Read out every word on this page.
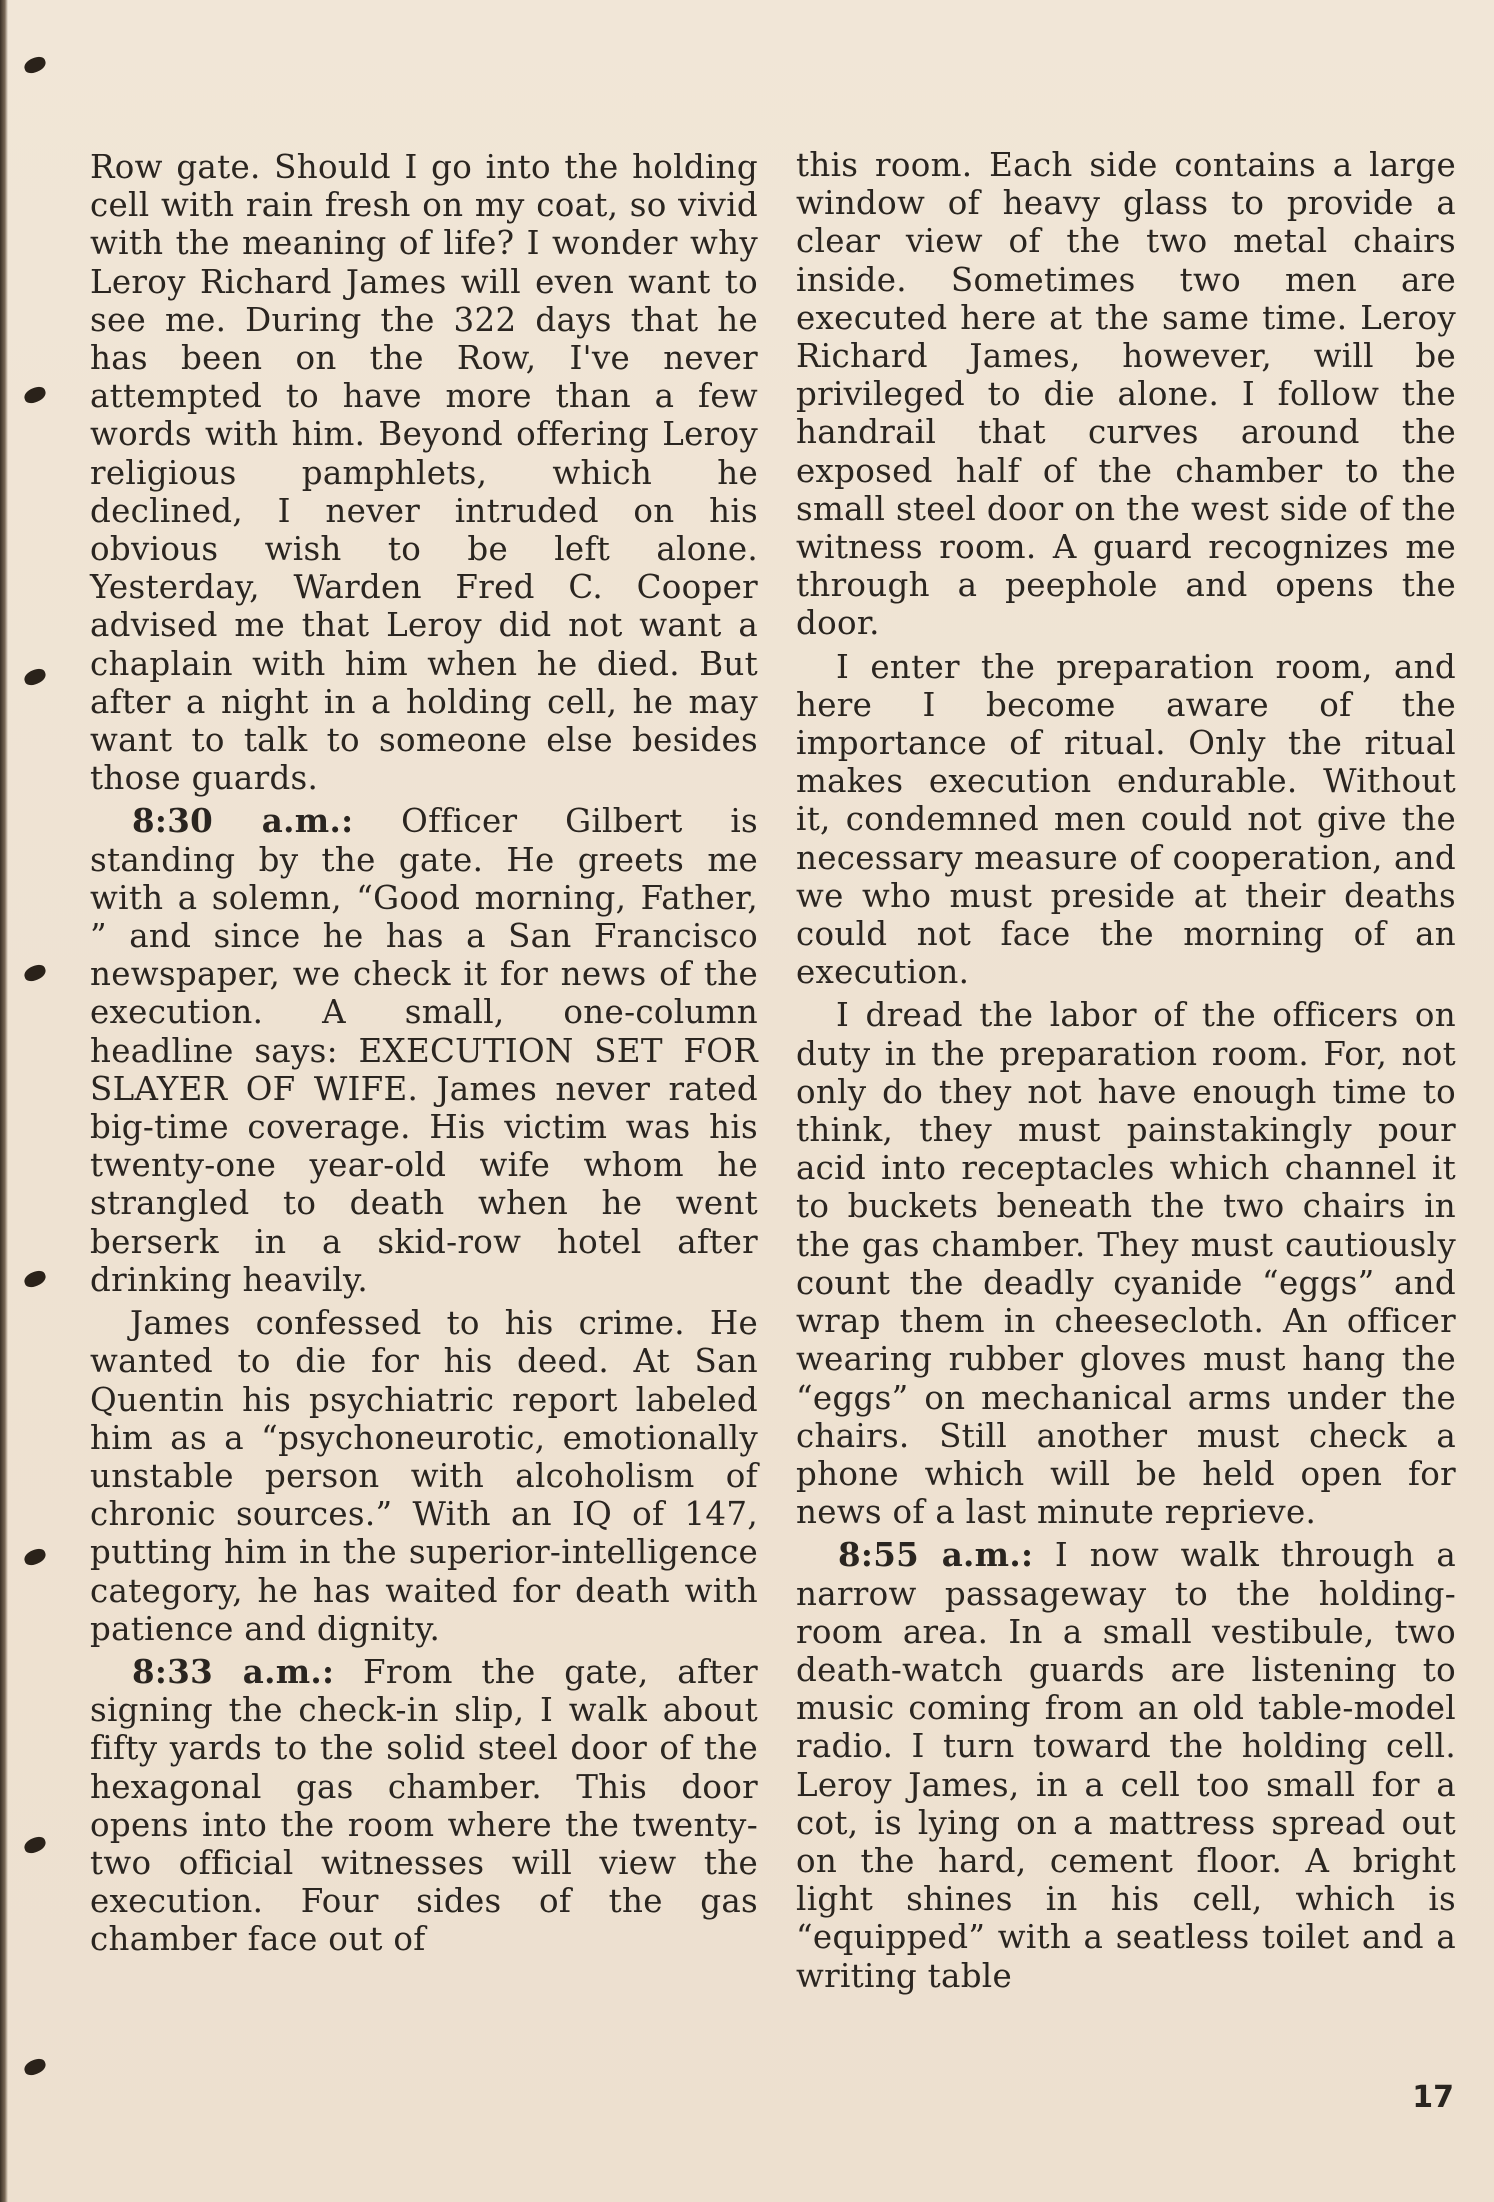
Row gate. Should I go into the holding cell with rain fresh on my coat, so vivid with the meaning of life? I wonder why Leroy Richard James will even want to see me. During the 322 days that he has been on the Row, I've never attempted to have more than a few words with him. Beyond offering Leroy religious pamphlets, which he declined, I never intruded on his obvious wish to be left alone. Yesterday, Warden Fred C. Cooper advised me that Leroy did not want a chaplain with him when he died. But after a night in a holding cell, he may want to talk to someone else besides those guards.

8:30 a.m.: Officer Gilbert is standing by the gate. He greets me with a solemn, “Good morning, Father, ” and since he has a San Francisco newspaper, we check it for news of the execution. A small, one-column headline says: EXECUTION SET FOR SLAYER OF WIFE. James never rated big-time coverage. His victim was his twenty-one year-old wife whom he strangled to death when he went berserk in a skid-row hotel after drinking heavily.

James confessed to his crime. He wanted to die for his deed. At San Quentin his psychiatric report labeled him as a “psychoneurotic, emotionally unstable person with alcoholism of chronic sources.” With an IQ of 147, putting him in the superior-intelligence category, he has waited for death with patience and dignity.

8:33 a.m.: From the gate, after signing the check-in slip, I walk about fifty yards to the solid steel door of the hexagonal gas chamber. This door opens into the room where the twenty-two official witnesses will view the execution. Four sides of the gas chamber face out of

this room. Each side contains a large window of heavy glass to provide a clear view of the two metal chairs inside. Sometimes two men are executed here at the same time. Leroy Richard James, however, will be privileged to die alone. I follow the handrail that curves around the exposed half of the chamber to the small steel door on the west side of the witness room. A guard recognizes me through a peephole and opens the door.

I enter the preparation room, and here I become aware of the importance of ritual. Only the ritual makes execution endurable. Without it, condemned men could not give the necessary measure of cooperation, and we who must preside at their deaths could not face the morning of an execution.

I dread the labor of the officers on duty in the preparation room. For, not only do they not have enough time to think, they must painstakingly pour acid into receptacles which channel it to buckets beneath the two chairs in the gas chamber. They must cautiously count the deadly cyanide “eggs” and wrap them in cheesecloth. An officer wearing rubber gloves must hang the “eggs” on mechanical arms under the chairs. Still another must check a phone which will be held open for news of a last minute reprieve.

8:55 a.m.: I now walk through a narrow passageway to the holding-room area. In a small vestibule, two death-watch guards are listening to music coming from an old table-model radio. I turn toward the holding cell. Leroy James, in a cell too small for a cot, is lying on a mattress spread out on the hard, cement floor. A bright light shines in his cell, which is “equipped” with a seatless toilet and a writing table

17
